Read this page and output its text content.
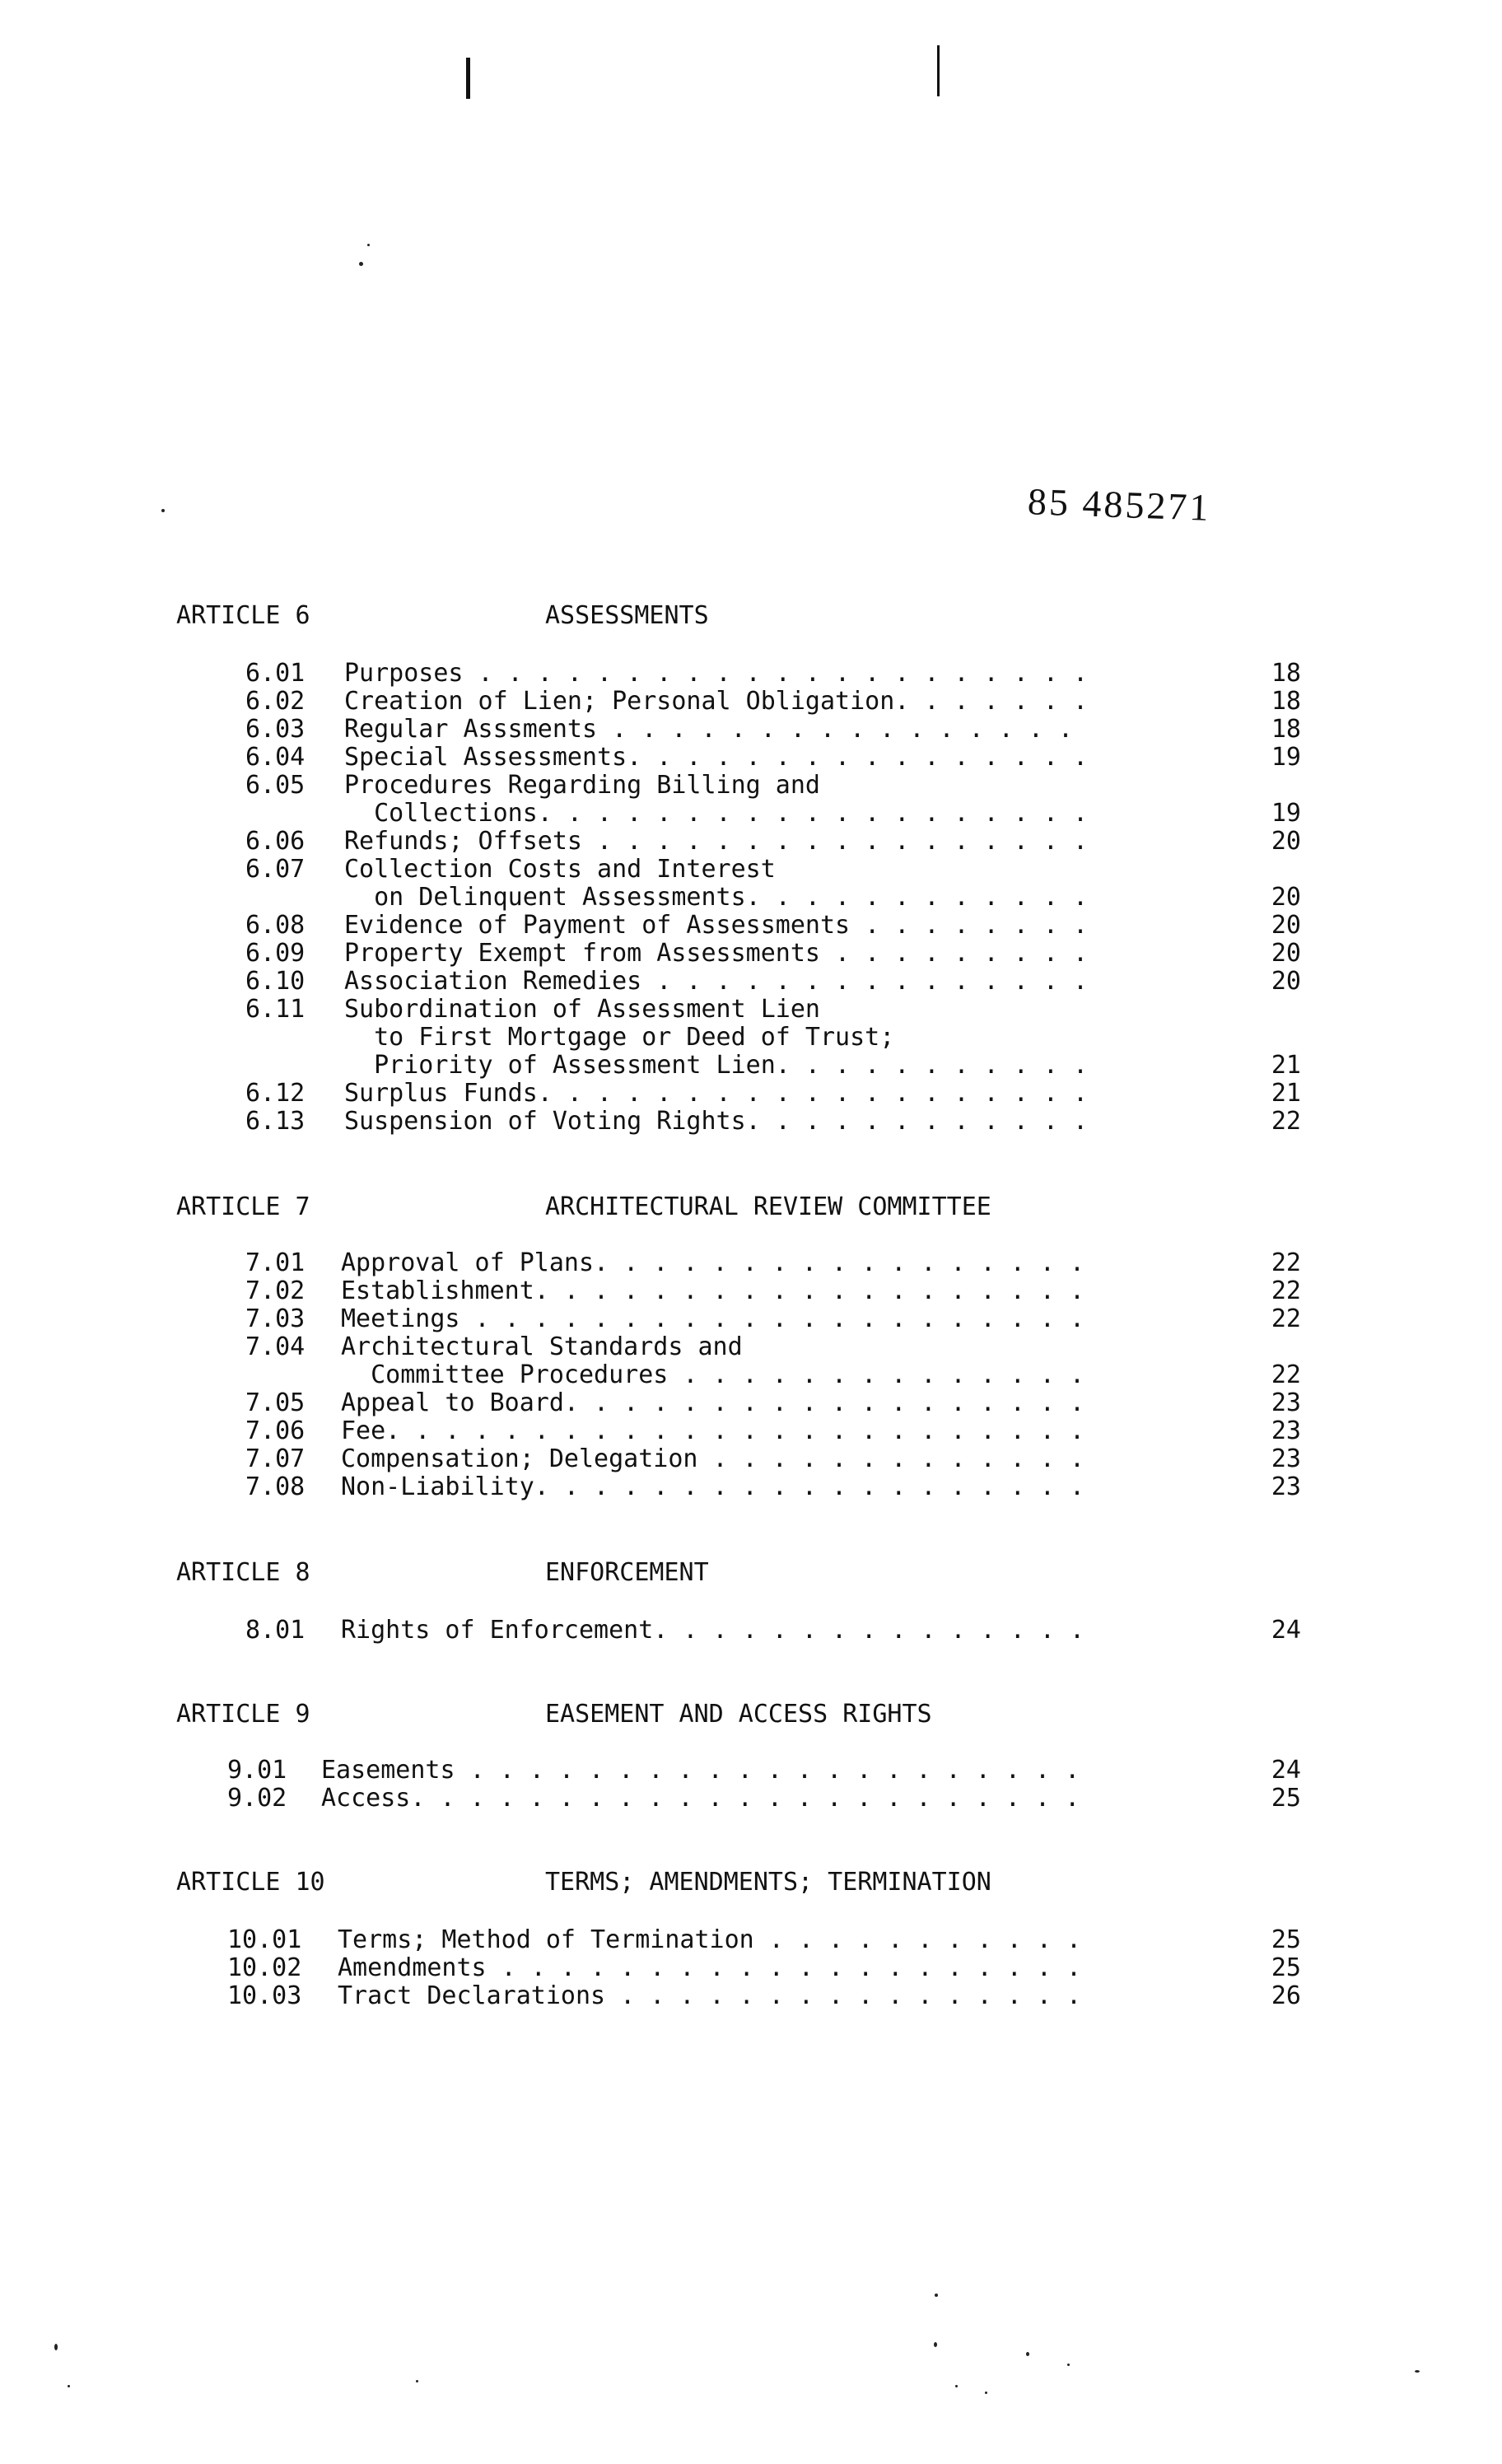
85 485271
ARTICLE 6	ASSESSMENTS
6.01 Purposes . . . . . . . . . . . . . . . . . . . . .	18
6.02 Creation of Lien; Personal Obligation. . . . . . .	18
6.03 Regular Asssments . . . . . . . . . . . . . . . .	18
6.04 Special Assessments. . . . . . . . . . . . . . . .	19
6.05 Procedures Regarding Billing and
Collections. . . . . . . . . . . . . . . . . . .	19
6.06 Refunds; Offsets . . . . . . . . . . . . . . . . .	20
6.07 Collection Costs and Interest
on Delinquent Assessments. . . . . . . . . . . .	20
6.08 Evidence of Payment of Assessments . . . . . . . .	20
6.09 Property Exempt from Assessments . . . . . . . . .	20
6.10 Association Remedies . . . . . . . . . . . . . . .	20
6.11 Subordination of Assessment Lien
to First Mortgage or Deed of Trust;
Priority of Assessment Lien. . . . . . . . . . .	21
6.12 Surplus Funds. . . . . . . . . . . . . . . . . . .	21
6.13 Suspension of Voting Rights. . . . . . . . . . . .	22
ARTICLE 7	ARCHITECTURAL REVIEW COMMITTEE
7.01 Approval of Plans. . . . . . . . . . . . . . . . .	22
7.02 Establishment. . . . . . . . . . . . . . . . . . .	22
7.03 Meetings . . . . . . . . . . . . . . . . . . . . .	22
7.04 Architectural Standards and
Committee Procedures . . . . . . . . . . . . . .	22
7.05 Appeal to Board. . . . . . . . . . . . . . . . . .	23
7.06 Fee. . . . . . . . . . . . . . . . . . . . . . . .	23
7.07 Compensation; Delegation . . . . . . . . . . . . .	23
7.08 Non-Liability. . . . . . . . . . . . . . . . . . .	23
ARTICLE 8	ENFORCEMENT
8.01 Rights of Enforcement. . . . . . . . . . . . . . .	24
ARTICLE 9	EASEMENT AND ACCESS RIGHTS
9.01 Easements . . . . . . . . . . . . . . . . . . . . .	24
9.02 Access. . . . . . . . . . . . . . . . . . . . . . .	25
ARTICLE 10	TERMS; AMENDMENTS; TERMINATION
10.01 Terms; Method of Termination . . . . . . . . . . .	25
10.02 Amendments . . . . . . . . . . . . . . . . . . . .	25
10.03 Tract Declarations . . . . . . . . . . . . . . . .	26
